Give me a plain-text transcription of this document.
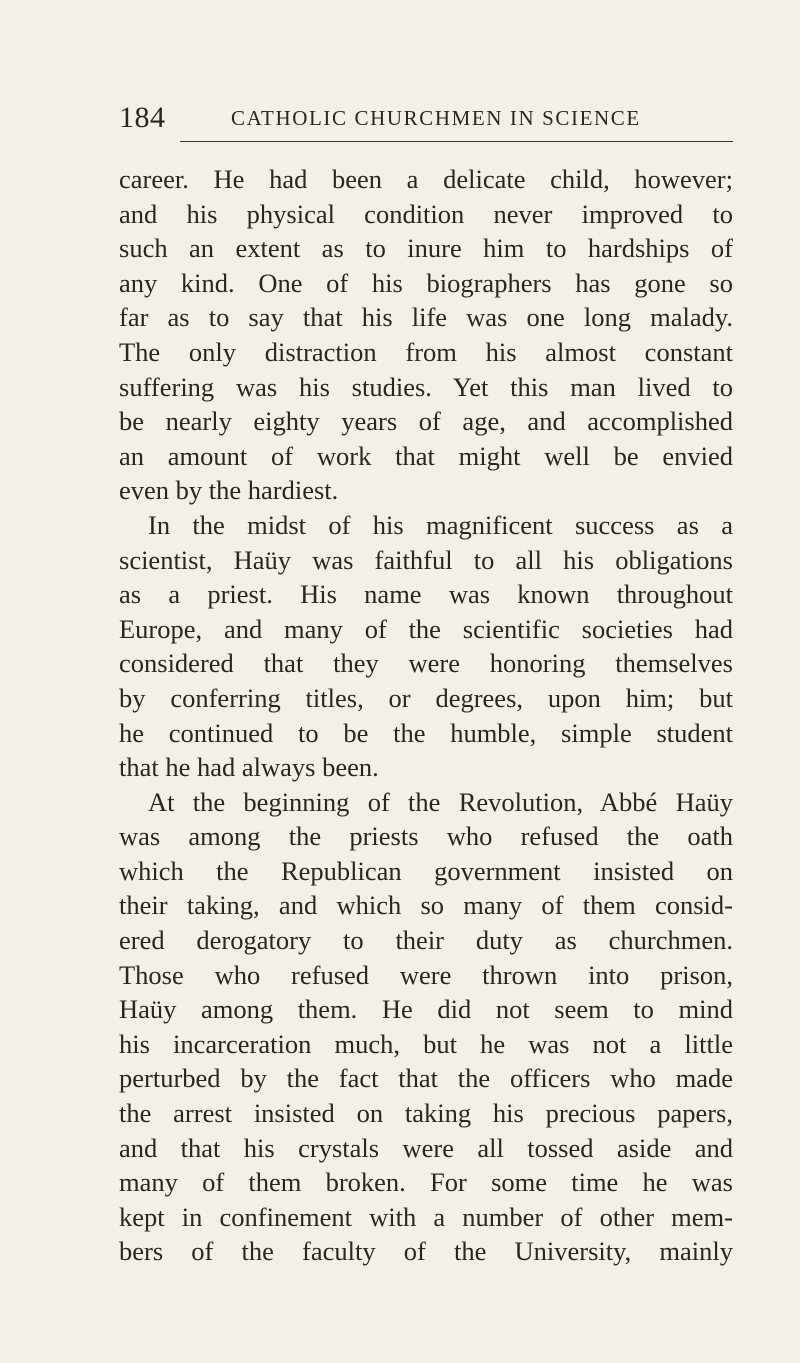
184	CATHOLIC CHURCHMEN IN SCIENCE
career. He had been a delicate child, however;
and his physical condition never improved to
such an extent as to inure him to hardships of
any kind. One of his biographers has gone so
far as to say that his life was one long malady.
The only distraction from his almost constant
suffering was his studies. Yet this man lived to
be nearly eighty years of age, and accomplished
an amount of work that might well be envied
even by the hardiest.
In the midst of his magnificent success as a
scientist, Haüy was faithful to all his obligations
as a priest. His name was known throughout
Europe, and many of the scientific societies had
considered that they were honoring themselves
by conferring titles, or degrees, upon him; but
he continued to be the humble, simple student
that he had always been.
At the beginning of the Revolution, Abbé Haüy
was among the priests who refused the oath
which the Republican government insisted on
their taking, and which so many of them consid-
ered derogatory to their duty as churchmen.
Those who refused were thrown into prison,
Haüy among them. He did not seem to mind
his incarceration much, but he was not a little
perturbed by the fact that the officers who made
the arrest insisted on taking his precious papers,
and that his crystals were all tossed aside and
many of them broken. For some time he was
kept in confinement with a number of other mem-
bers of the faculty of the University, mainly
